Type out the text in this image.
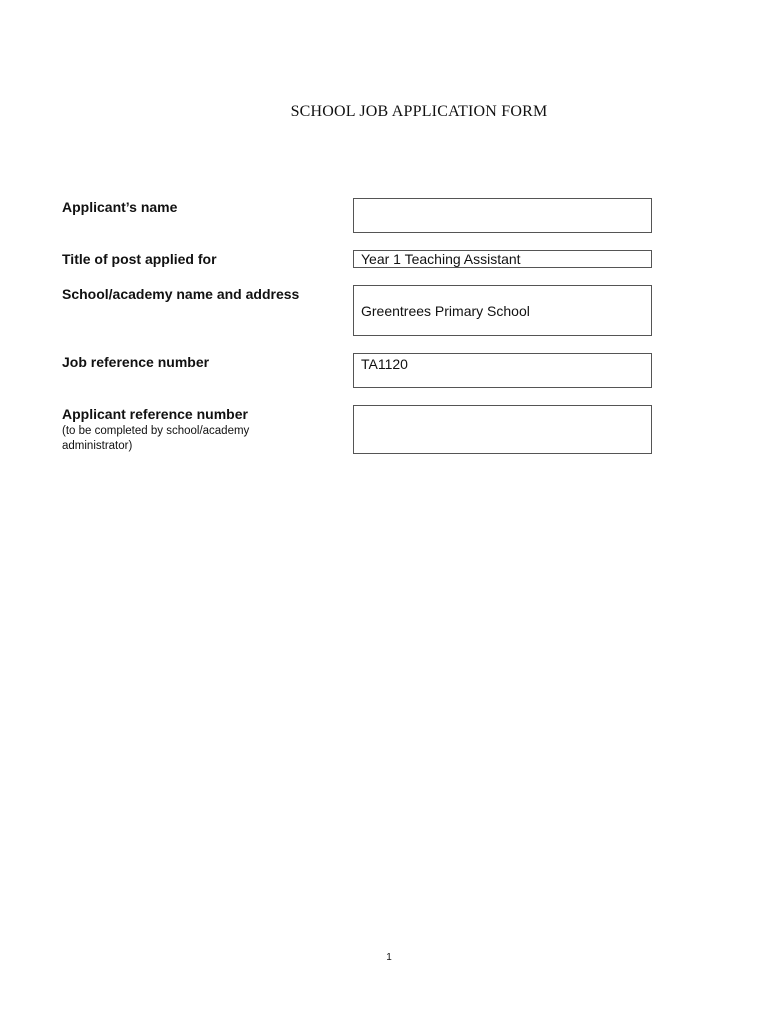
SCHOOL JOB APPLICATION FORM
Applicant’s name
Title of post applied for	Year 1 Teaching Assistant
School/academy name and address
Greentrees Primary School
Job reference number	TA1120
Applicant reference number
(to be completed by school/academy administrator)
1
